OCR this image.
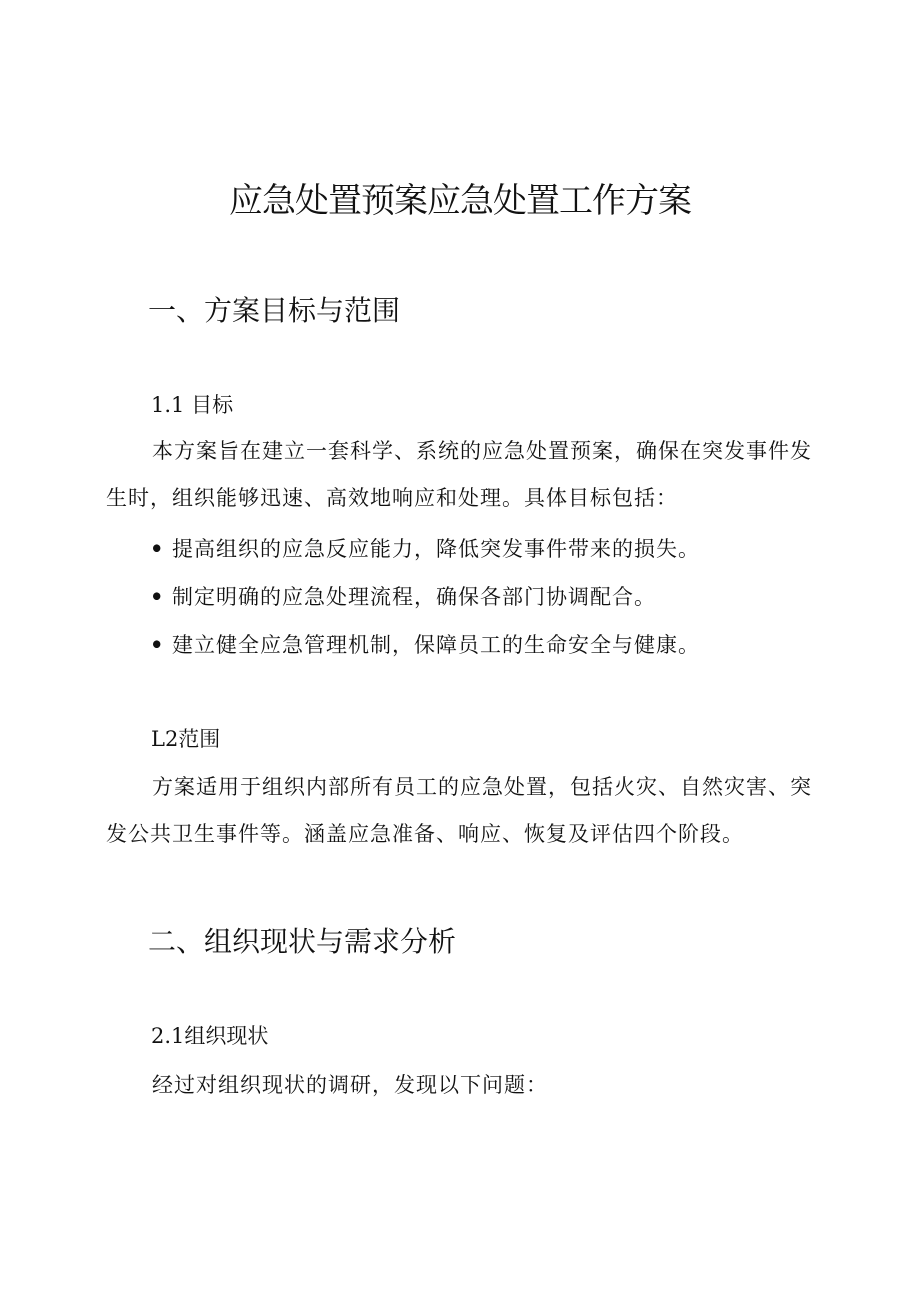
应急处置预案应急处置工作方案
一、方案目标与范围
1.1 目标
本方案旨在建立一套科学、系统的应急处置预案，确保在突发事件发生时，组织能够迅速、高效地响应和处理。具体目标包括：
• 提高组织的应急反应能力，降低突发事件带来的损失。
• 制定明确的应急处理流程，确保各部门协调配合。
• 建立健全应急管理机制，保障员工的生命安全与健康。
L2范围
方案适用于组织内部所有员工的应急处置，包括火灾、自然灾害、突发公共卫生事件等。涵盖应急准备、响应、恢复及评估四个阶段。
二、组织现状与需求分析
2.1组织现状
经过对组织现状的调研，发现以下问题：
